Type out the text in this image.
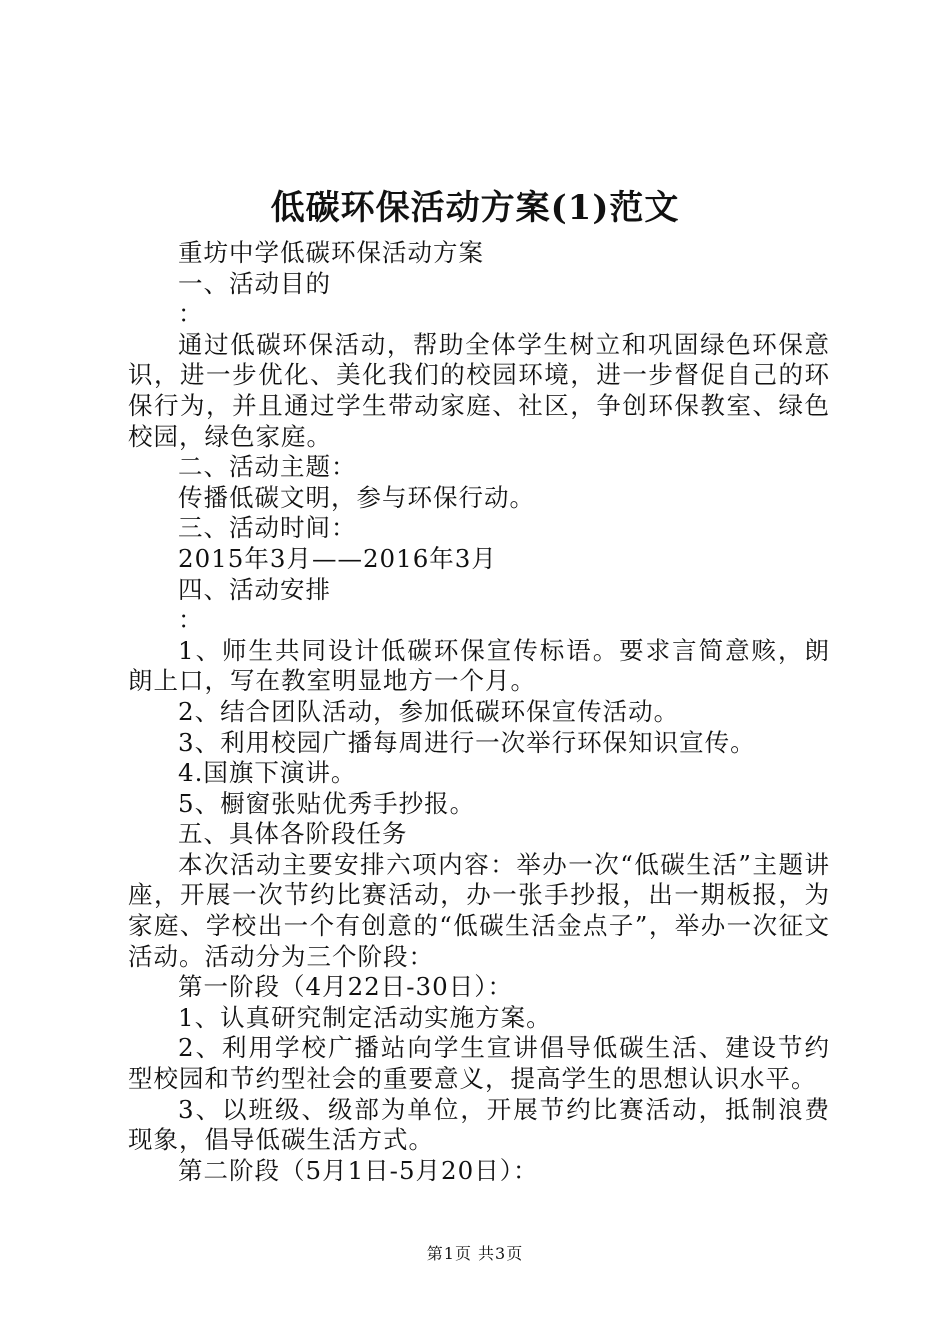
低碳环保活动方案(1)范文

重坊中学低碳环保活动方案

一、活动目的

：

通过低碳环保活动，帮助全体学生树立和巩固绿色环保意识，进一步优化、美化我们的校园环境，进一步督促自己的环保行为，并且通过学生带动家庭、社区，争创环保教室、绿色校园，绿色家庭。

二、活动主题：

传播低碳文明，参与环保行动。

三、活动时间：

2015年3月——2016年3月

四、活动安排

：

1、师生共同设计低碳环保宣传标语。要求言简意赅，朗朗上口，写在教室明显地方一个月。

2、结合团队活动，参加低碳环保宣传活动。

3、利用校园广播每周进行一次举行环保知识宣传。

4.国旗下演讲。

5、橱窗张贴优秀手抄报。

五、具体各阶段任务

本次活动主要安排六项内容：举办一次“低碳生活”主题讲座，开展一次节约比赛活动，办一张手抄报，出一期板报，为家庭、学校出一个有创意的“低碳生活金点子”，举办一次征文活动。活动分为三个阶段：

第一阶段（4月22日-30日）：

1、认真研究制定活动实施方案。

2、利用学校广播站向学生宣讲倡导低碳生活、建设节约型校园和节约型社会的重要意义，提高学生的思想认识水平。

3、以班级、级部为单位，开展节约比赛活动，抵制浪费现象，倡导低碳生活方式。

第二阶段（5月1日-5月20日）：

第1页 共3页
